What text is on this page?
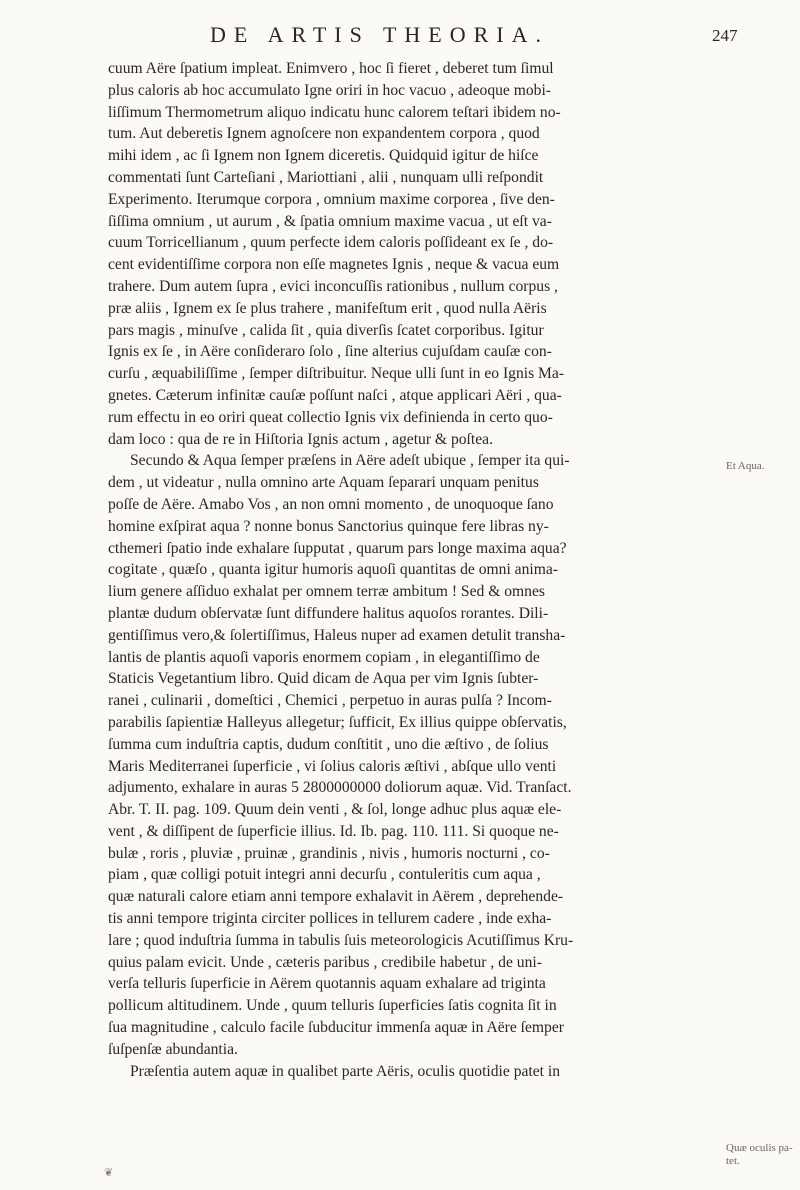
DE ARTIS THEORIA.	247
cuum Aëre ſpatium impleat. Enimvero , hoc ſi fieret , deberet tum ſimul
plus caloris ab hoc accumulato Igne oriri in hoc vacuo , adeoque mobi-
liſſimum Thermometrum aliquo indicatu hunc calorem teſtari ibidem no-
tum. Aut deberetis Ignem agnoſcere non expandentem corpora , quod
mihi idem , ac ſi Ignem non Ignem diceretis. Quidquid igitur de hiſce
commentati ſunt Carteſiani , Mariottiani , alii , nunquam ulli reſpondit
Experimento. Iterumque corpora , omnium maxime corporea , ſive den-
ſiſſima omnium , ut aurum , & ſpatia omnium maxime vacua , ut eſt va-
cuum Torricellianum , quum perfecte idem caloris poſſideant ex ſe , do-
cent evidentiſſime corpora non eſſe magnetes Ignis , neque & vacua eum
trahere. Dum autem ſupra , evici inconcuſſis rationibus , nullum corpus ,
præ aliis , Ignem ex ſe plus trahere , manifeſtum erit , quod nulla Aëris
pars magis , minuſve , calida ſit , quia diverſis ſcatet corporibus. Igitur
Ignis ex ſe , in Aëre conſideraro ſolo , ſine alterius cujuſdam cauſæ con-
curſu , æquabiliſſime , ſemper diſtribuitur. Neque ulli ſunt in eo Ignis Ma-
gnetes. Cæterum infinitæ cauſæ poſſunt naſci , atque applicari Aëri , qua-
rum effectu in eo oriri queat collectio Ignis vix definienda in certo quo-
dam loco : qua de re in Hiſtoria Ignis actum , agetur & poſtea.
Secundo & Aqua ſemper præſens in Aëre adeſt ubique , ſemper ita qui-
dem , ut videatur , nulla omnino arte Aquam ſeparari unquam penitus
poſſe de Aëre. Amabo Vos , an non omni momento , de unoquoque ſano
homine exſpirat aqua ? nonne bonus Sanctorius quinque fere libras ny-
cthemeri ſpatio inde exhalare ſupputat , quarum pars longe maxima aqua?
cogitate , quæſo , quanta igitur humoris aquoſi quantitas de omni anima-
lium genere aſſiduo exhalat per omnem terræ ambitum ! Sed & omnes
plantæ dudum obſervatæ ſunt diffundere halitus aquoſos rorantes. Dili-
gentiſſimus vero,& ſolertiſſimus, Haleus nuper ad examen detulit transha-
lantis de plantis aquoſi vaporis enormem copiam , in elegantiſſimo de
Staticis Vegetantium libro. Quid dicam de Aqua per vim Ignis ſubter-
ranei , culinarii , domeſtici , Chemici , perpetuo in auras pulſa ? Incom-
parabilis ſapientiæ Halleyus allegetur; ſufficit, Ex illius quippe obſervatis,
ſumma cum induſtria captis, dudum conſtitit , uno die æſtivo , de ſolius
Maris Mediterranei ſuperficie , vi ſolius caloris æſtivi , abſque ullo venti
adjumento, exhalare in auras 5 2800000000 doliorum aquæ. Vid. Tranſact.
Abr. T. II. pag. 109. Quum dein venti , & ſol, longe adhuc plus aquæ ele-
vent , & diſſipent de ſuperficie illius. Id. Ib. pag. 110. 111. Si quoque ne-
bulæ , roris , pluviæ , pruinæ , grandinis , nivis , humoris nocturni , co-
piam , quæ colligi potuit integri anni decurſu , contuleritis cum aqua ,
quæ naturali calore etiam anni tempore exhalavit in Aërem , deprehende-
tis anni tempore triginta circiter pollices in tellurem cadere , inde exha-
lare ; quod induſtria ſumma in tabulis ſuis meteorologicis Acutiſſimus Kru-
quius palam evicit. Unde , cæteris paribus , credibile habetur , de uni-
verſa telluris ſuperficie in Aërem quotannis aquam exhalare ad triginta
pollicum altitudinem. Unde , quum telluris ſuperficies ſatis cognita ſit in
ſua magnitudine , calculo facile ſubducitur immenſa aquæ in Aëre ſemper
ſuſpenſæ abundantia.
Præſentia autem aquæ in qualibet parte Aëris, oculis quotidie patet in
Et Aqua.
Quæ oculis pa-
tet.
❦
